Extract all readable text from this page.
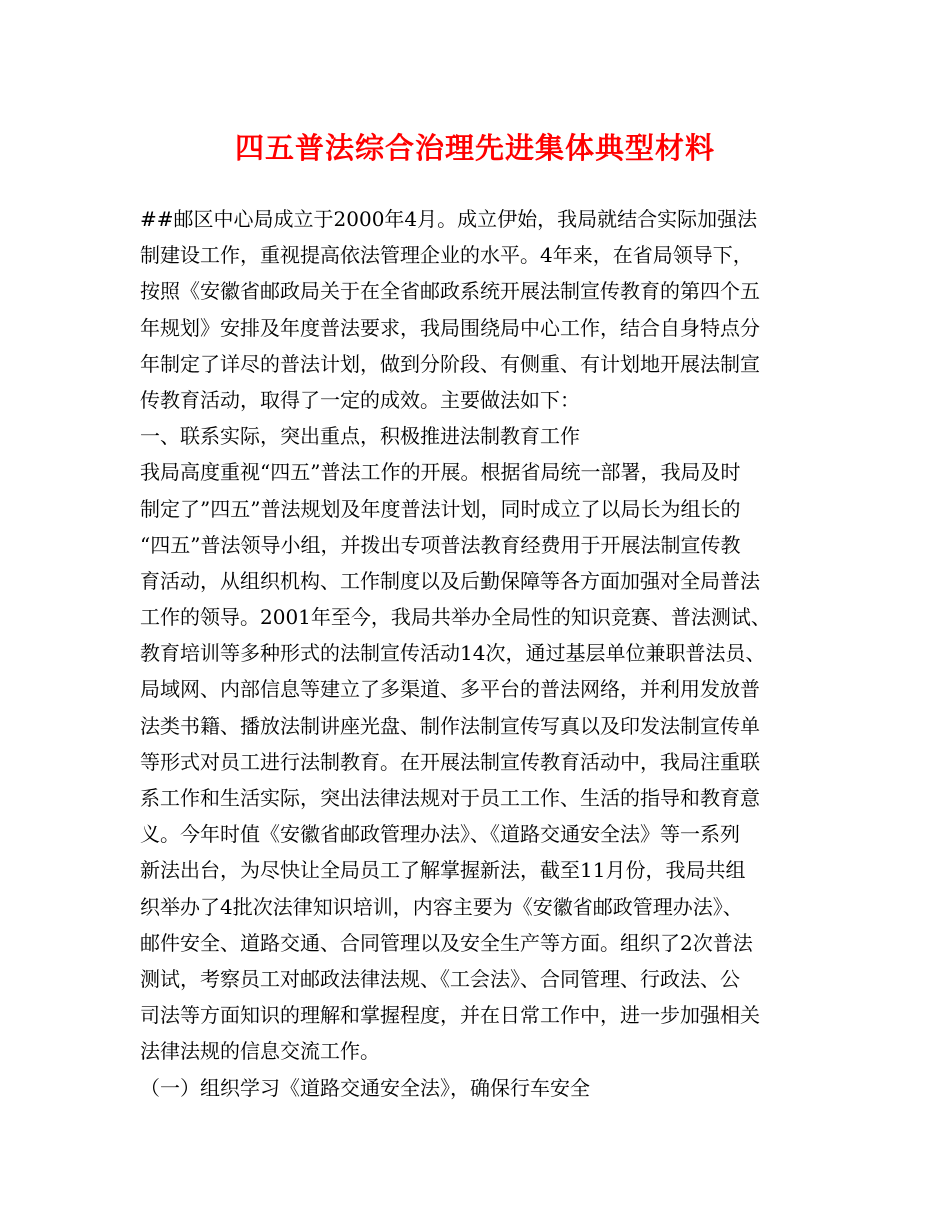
四五普法综合治理先进集体典型材料
##邮区中心局成立于2000年4月。成立伊始，我局就结合实际加强法
制建设工作，重视提高依法管理企业的水平。4年来，在省局领导下，
按照《安徽省邮政局关于在全省邮政系统开展法制宣传教育的第四个五
年规划》安排及年度普法要求，我局围绕局中心工作，结合自身特点分
年制定了详尽的普法计划，做到分阶段、有侧重、有计划地开展法制宣
传教育活动，取得了一定的成效。主要做法如下：
一、联系实际，突出重点，积极推进法制教育工作
我局高度重视“四五”普法工作的开展。根据省局统一部署，我局及时
制定了”四五”普法规划及年度普法计划，同时成立了以局长为组长的
“四五”普法领导小组，并拨出专项普法教育经费用于开展法制宣传教
育活动，从组织机构、工作制度以及后勤保障等各方面加强对全局普法
工作的领导。2001年至今，我局共举办全局性的知识竞赛、普法测试、
教育培训等多种形式的法制宣传活动14次，通过基层单位兼职普法员、
局域网、内部信息等建立了多渠道、多平台的普法网络，并利用发放普
法类书籍、播放法制讲座光盘、制作法制宣传写真以及印发法制宣传单
等形式对员工进行法制教育。在开展法制宣传教育活动中，我局注重联
系工作和生活实际，突出法律法规对于员工工作、生活的指导和教育意
义。今年时值《安徽省邮政管理办法》、《道路交通安全法》等一系列
新法出台，为尽快让全局员工了解掌握新法，截至11月份，我局共组
织举办了4批次法律知识培训，内容主要为《安徽省邮政管理办法》、
邮件安全、道路交通、合同管理以及安全生产等方面。组织了2次普法
测试，考察员工对邮政法律法规、《工会法》、合同管理、行政法、公
司法等方面知识的理解和掌握程度，并在日常工作中，进一步加强相关
法律法规的信息交流工作。
（一）组织学习《道路交通安全法》，确保行车安全
